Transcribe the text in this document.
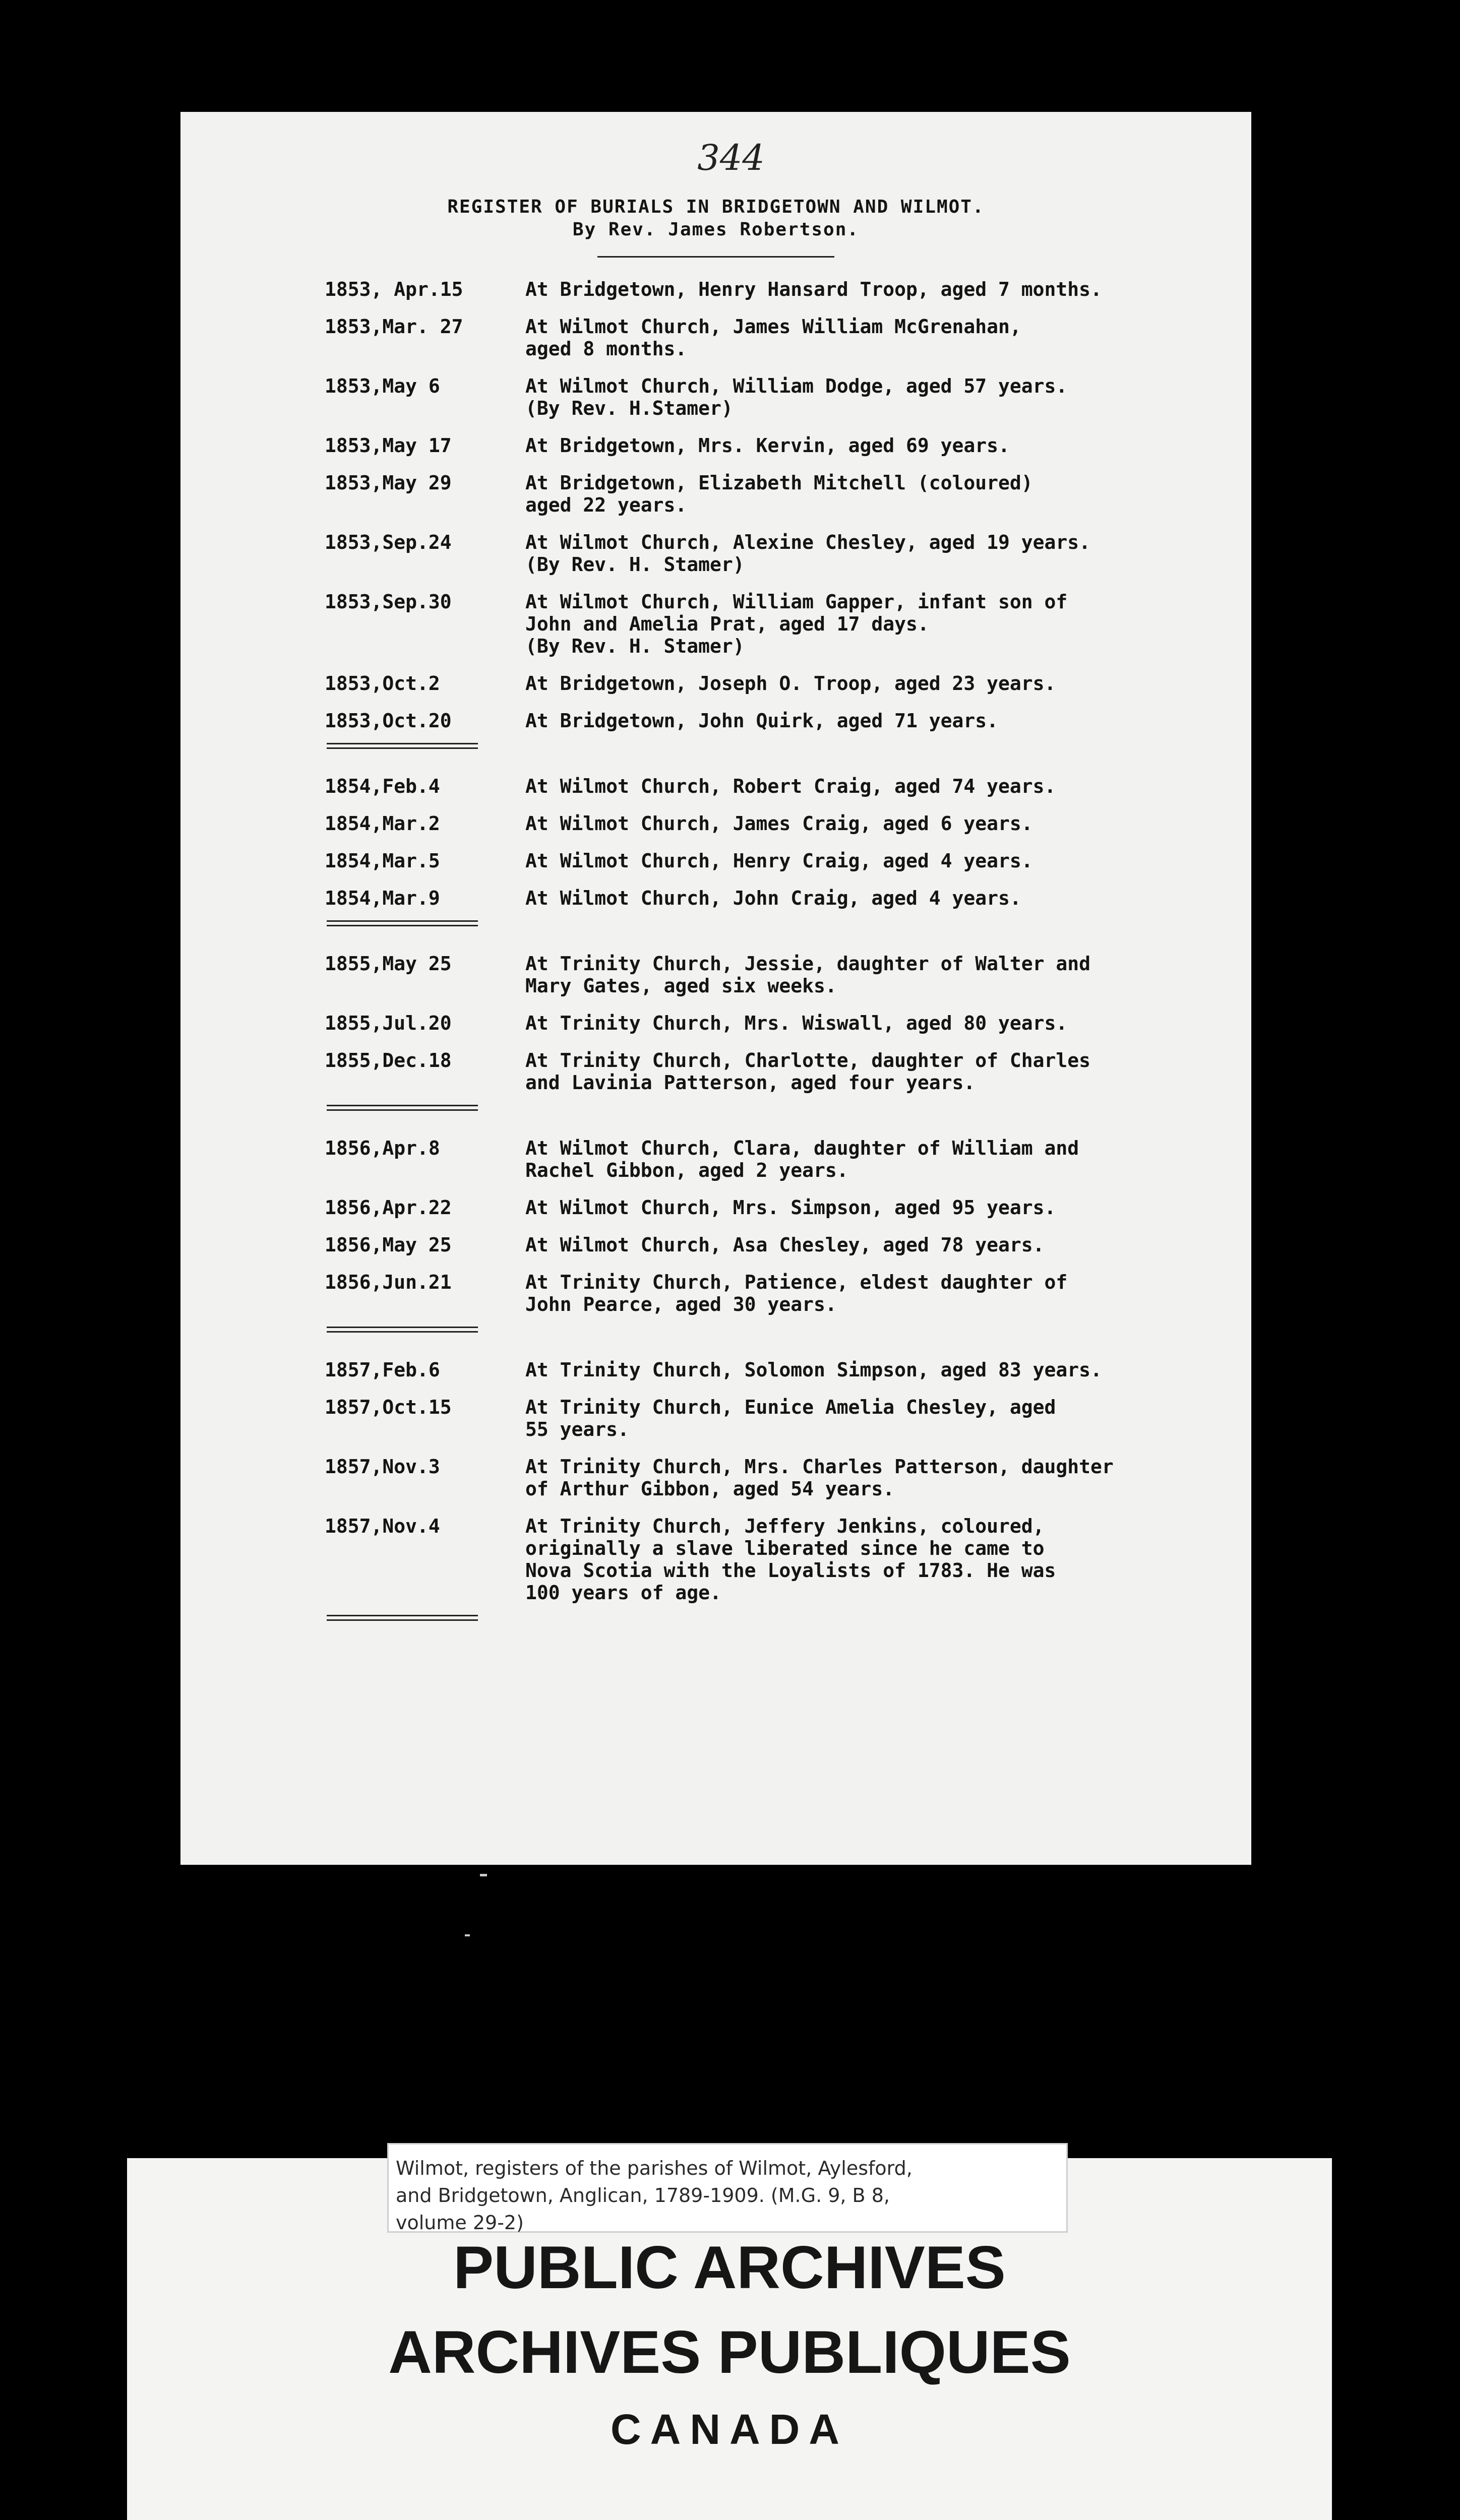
344
REGISTER OF BURIALS IN BRIDGETOWN AND WILMOT.
By Rev. James Robertson.
1853, Apr.15	At Bridgetown, Henry Hansard Troop, aged 7 months.
1853,Mar. 27	At Wilmot Church, James William McGrenahan,
aged 8 months.
1853,May 6	At Wilmot Church, William Dodge, aged 57 years.
(By Rev. H.Stamer)
1853,May 17	At Bridgetown, Mrs. Kervin, aged 69 years.
1853,May 29	At Bridgetown, Elizabeth Mitchell (coloured)
aged 22 years.
1853,Sep.24	At Wilmot Church, Alexine Chesley, aged 19 years.
(By Rev. H. Stamer)
1853,Sep.30	At Wilmot Church, William Gapper, infant son of
John and Amelia Prat, aged 17 days.
(By Rev. H. Stamer)
1853,Oct.2	At Bridgetown, Joseph O. Troop, aged 23 years.
1853,Oct.20	At Bridgetown, John Quirk, aged 71 years.
1854,Feb.4	At Wilmot Church, Robert Craig, aged 74 years.
1854,Mar.2	At Wilmot Church, James Craig, aged 6 years.
1854,Mar.5	At Wilmot Church, Henry Craig, aged 4 years.
1854,Mar.9	At Wilmot Church, John Craig, aged 4 years.
1855,May 25	At Trinity Church, Jessie, daughter of Walter and
Mary Gates, aged six weeks.
1855,Jul.20	At Trinity Church, Mrs. Wiswall, aged 80 years.
1855,Dec.18	At Trinity Church, Charlotte, daughter of Charles
and Lavinia Patterson, aged four years.
1856,Apr.8	At Wilmot Church, Clara, daughter of William and
Rachel Gibbon, aged 2 years.
1856,Apr.22	At Wilmot Church, Mrs. Simpson, aged 95 years.
1856,May 25	At Wilmot Church, Asa Chesley, aged 78 years.
1856,Jun.21	At Trinity Church, Patience, eldest daughter of
John Pearce, aged 30 years.
1857,Feb.6	At Trinity Church, Solomon Simpson, aged 83 years.
1857,Oct.15	At Trinity Church, Eunice Amelia Chesley, aged
55 years.
1857,Nov.3	At Trinity Church, Mrs. Charles Patterson, daughter
of Arthur Gibbon, aged 54 years.
1857,Nov.4	At Trinity Church, Jeffery Jenkins, coloured,
originally a slave liberated since he came to
Nova Scotia with the Loyalists of 1783. He was
100 years of age.
Wilmot, registers of the parishes of Wilmot, Aylesford,
and Bridgetown, Anglican, 1789-1909. (M.G. 9, B 8,
volume 29-2)
PUBLIC ARCHIVES
ARCHIVES PUBLIQUES
CANADA
